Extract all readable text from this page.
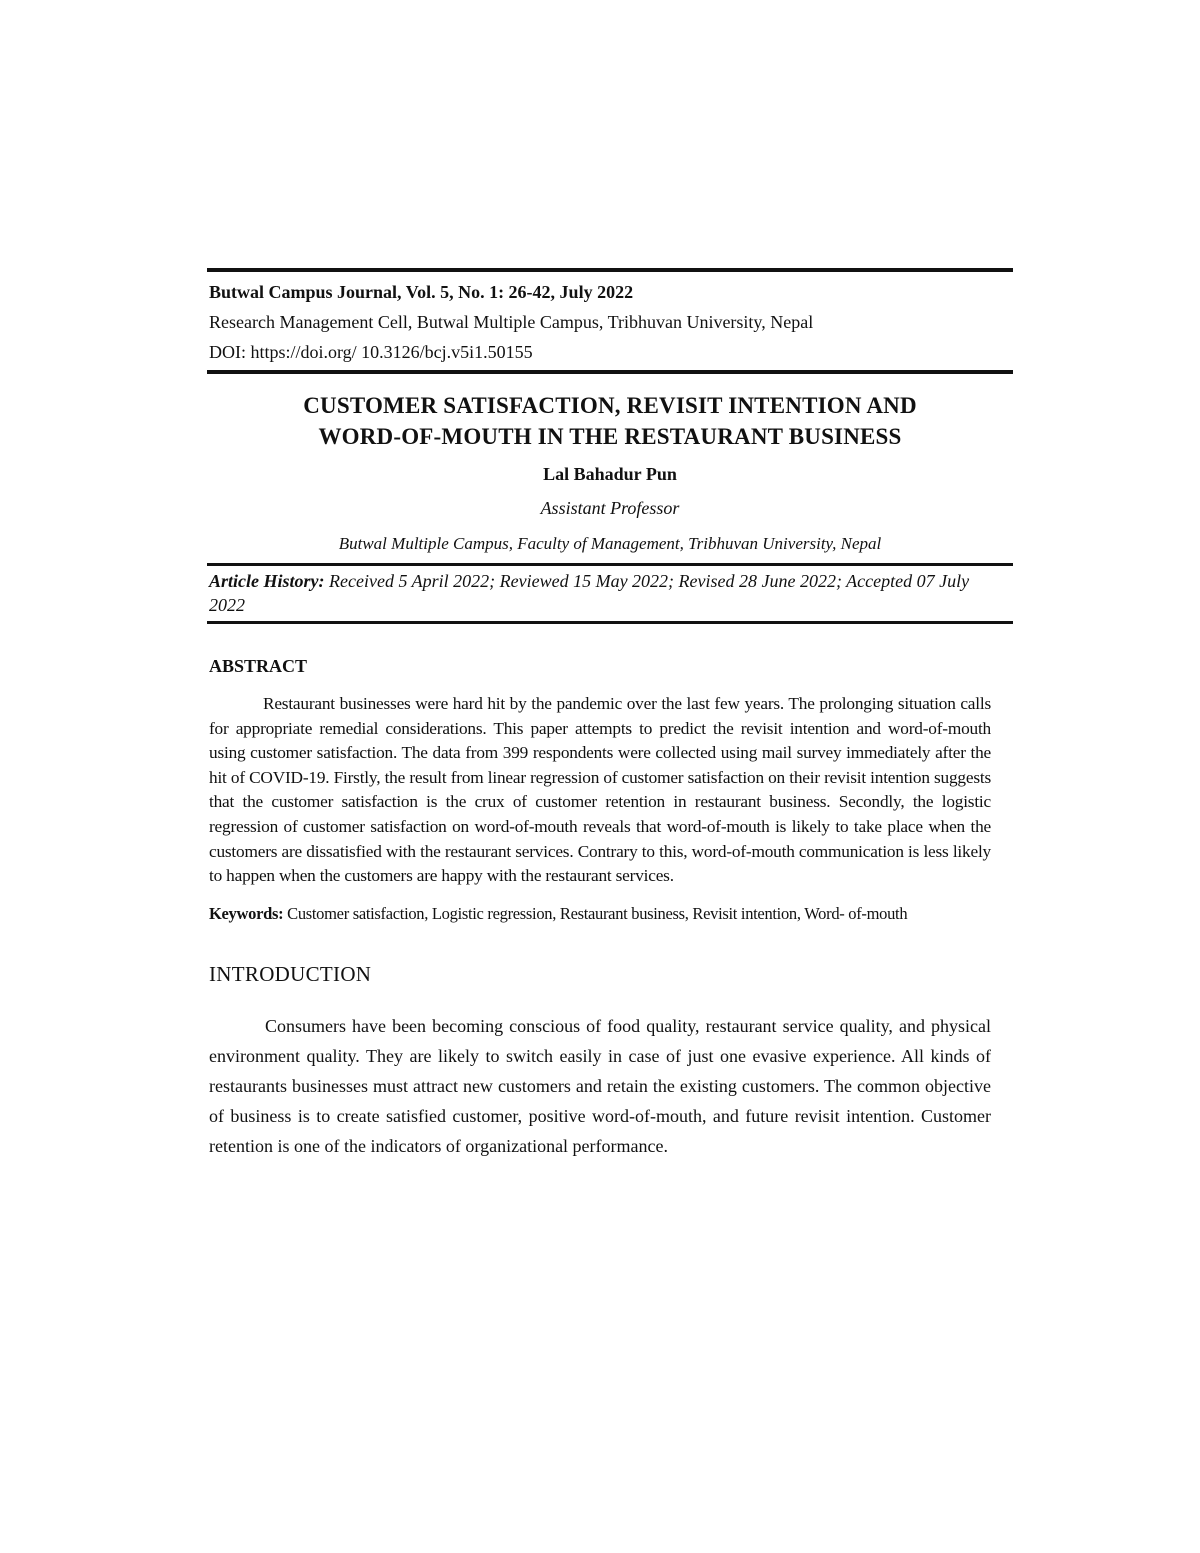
Butwal Campus Journal, Vol. 5, No. 1: 26-42, July 2022
Research Management Cell, Butwal Multiple Campus, Tribhuvan University, Nepal
DOI: https://doi.org/ 10.3126/bcj.v5i1.50155
CUSTOMER SATISFACTION, REVISIT INTENTION AND
WORD-OF-MOUTH IN THE RESTAURANT BUSINESS
Lal Bahadur Pun
Assistant Professor
Butwal Multiple Campus, Faculty of Management, Tribhuvan University, Nepal
Article History: Received 5 April 2022; Reviewed 15 May 2022; Revised 28 June 2022; Accepted 07 July 2022
ABSTRACT
Restaurant businesses were hard hit by the pandemic over the last few years. The prolonging situation calls for appropriate remedial considerations. This paper attempts to predict the revisit intention and word-of-mouth using customer satisfaction. The data from 399 respondents were collected using mail survey immediately after the hit of COVID-19. Firstly, the result from linear regression of customer satisfaction on their revisit intention suggests that the customer satisfaction is the crux of customer retention in restaurant business. Secondly, the logistic regression of customer satisfaction on word-of-mouth reveals that word-of-mouth is likely to take place when the customers are dissatisfied with the restaurant services. Contrary to this, word-of-mouth communication is less likely to happen when the customers are happy with the restaurant services.
Keywords: Customer satisfaction, Logistic regression, Restaurant business, Revisit intention, Word- of-mouth
INTRODUCTION
Consumers have been becoming conscious of food quality, restaurant service quality, and physical environment quality. They are likely to switch easily in case of just one evasive experience. All kinds of restaurants businesses must attract new customers and retain the existing customers. The common objective of business is to create satisfied customer, positive word-of-mouth, and future revisit intention. Customer retention is one of the indicators of organizational performance.
